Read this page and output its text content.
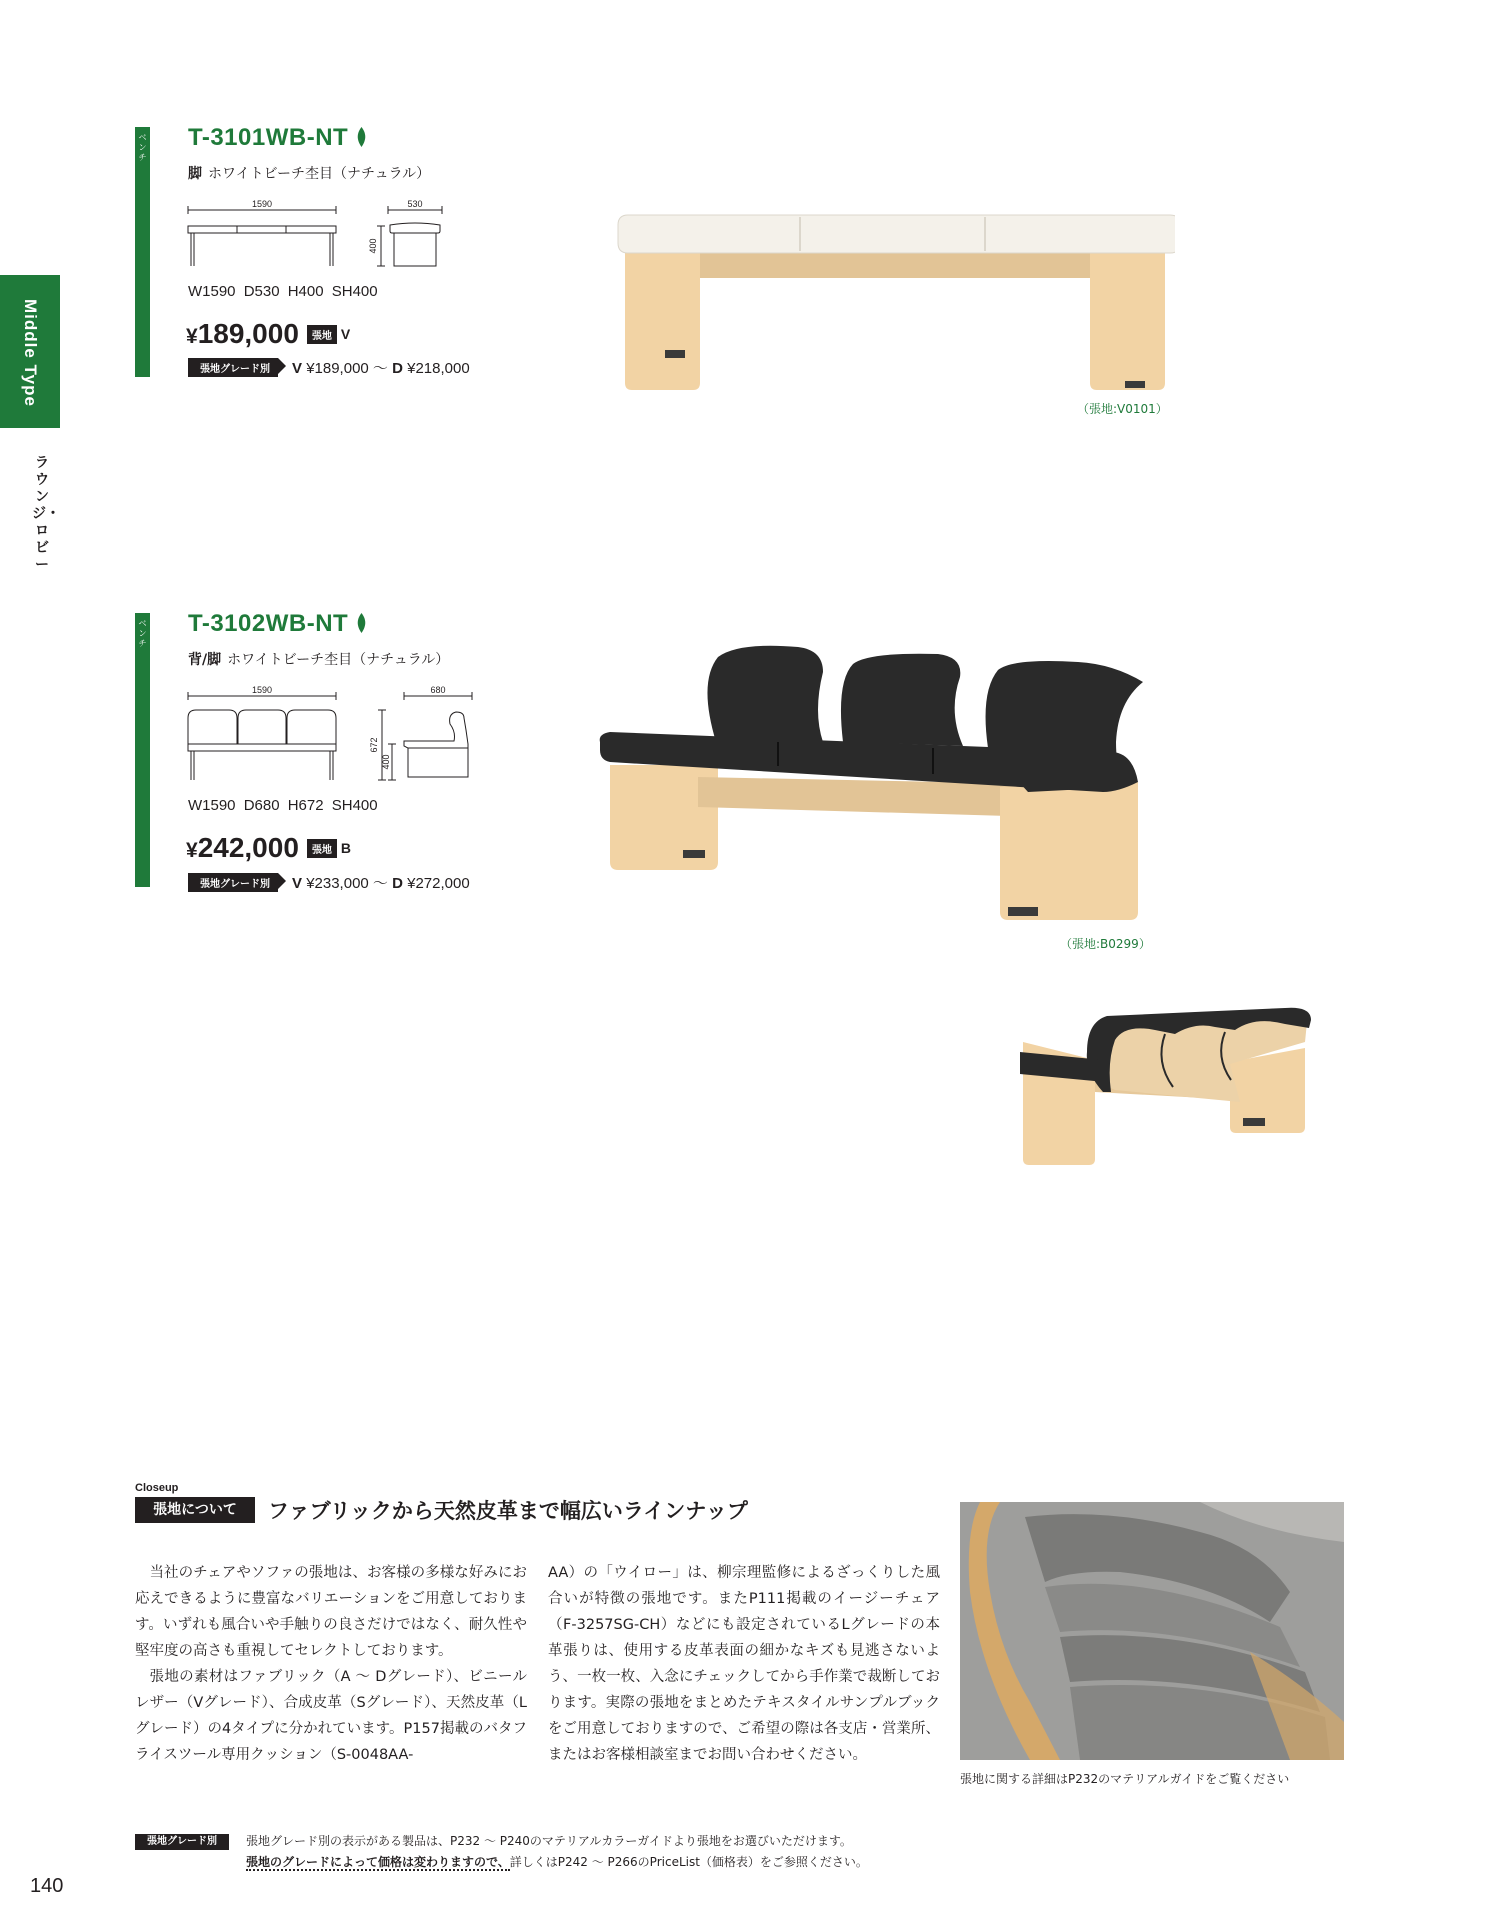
Middle Type
ラウンジ・ロビー
ベンチ
T-3101WB-NT
脚 ホワイトビーチ杢目（ナチュラル）
1590	530
400
W1590 D530 H400 SH400
¥189,000 張地 V
張地グレード別 V ¥189,000 〜 D ¥218,000
（張地:V0101）
ベンチ
T-3102WB-NT
背/脚 ホワイトビーチ杢目（ナチュラル）
1590	680
672
400
W1590 D680 H672 SH400
¥242,000 張地 B
張地グレード別 V ¥233,000 〜 D ¥272,000
（張地:B0299）
Closeup
張地について	ファブリックから天然皮革まで幅広いラインナップ

当社のチェアやソファの張地は、お客様の多様な好みにお応えできるように豊富なバリエーションをご用意しております。いずれも風合いや手触りの良さだけではなく、耐久性や堅牢度の高さも重視してセレクトしております。

張地の素材はファブリック（A 〜 Dグレード）、ビニールレザー（Vグレード）、合成皮革（Sグレード）、天然皮革（Lグレード）の4タイプに分かれています。P157掲載のバタフライスツール専用クッション（S-0048AA-

AA）の「ウイロー」は、柳宗理監修によるざっくりした風合いが特徴の張地です。またP111掲載のイージーチェア（F-3257SG-CH）などにも設定されているLグレードの本革張りは、使用する皮革表面の細かなキズも見逃さないよう、一枚一枚、入念にチェックしてから手作業で裁断しております。実際の張地をまとめたテキスタイルサンプルブックをご用意しておりますので、ご希望の際は各支店・営業所、またはお客様相談室までお問い合わせください。

張地に関する詳細はP232のマテリアルガイドをご覧ください
張地グレード別	張地グレード別の表示がある製品は、P232 〜 P240のマテリアルカラーガイドより張地をお選びいただけます。
張地のグレードによって価格は変わりますので、詳しくはP242 〜 P266のPriceList（価格表）をご参照ください。
140
